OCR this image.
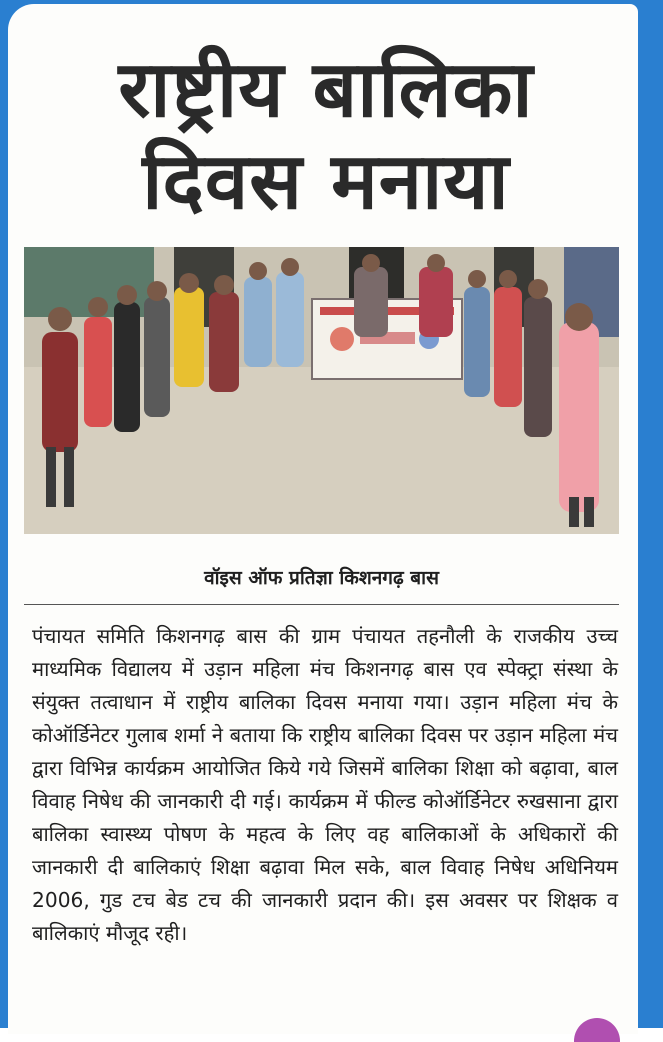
राष्ट्रीय बालिका
दिवस मनाया
वॉइस ऑफ प्रतिज्ञा किशनगढ़ बास
पंचायत समिति किशनगढ़ बास की ग्राम पंचायत तहनौली के राजकीय उच्च माध्यमिक विद्यालय में उड़ान महिला मंच किशनगढ़ बास एव स्पेक्ट्रा संस्था के संयुक्त तत्वाधान में राष्ट्रीय बालिका दिवस मनाया गया। उड़ान महिला मंच के कोऑर्डिनेटर गुलाब शर्मा ने बताया कि राष्ट्रीय बालिका दिवस पर उड़ान महिला मंच द्वारा विभिन्न कार्यक्रम आयोजित किये गये जिसमें बालिका शिक्षा को बढ़ावा, बाल विवाह निषेध की जानकारी दी गई। कार्यक्रम में फील्ड कोऑर्डिनेटर रुखसाना द्वारा बालिका स्वास्थ्य पोषण के महत्व के लिए वह बालिकाओं के अधिकारों की जानकारी दी बालिकाएं शिक्षा बढ़ावा मिल सके, बाल विवाह निषेध अधिनियम 2006, गुड टच बेड टच की जानकारी प्रदान की। इस अवसर पर शिक्षक व बालिकाएं मौजूद रही।
